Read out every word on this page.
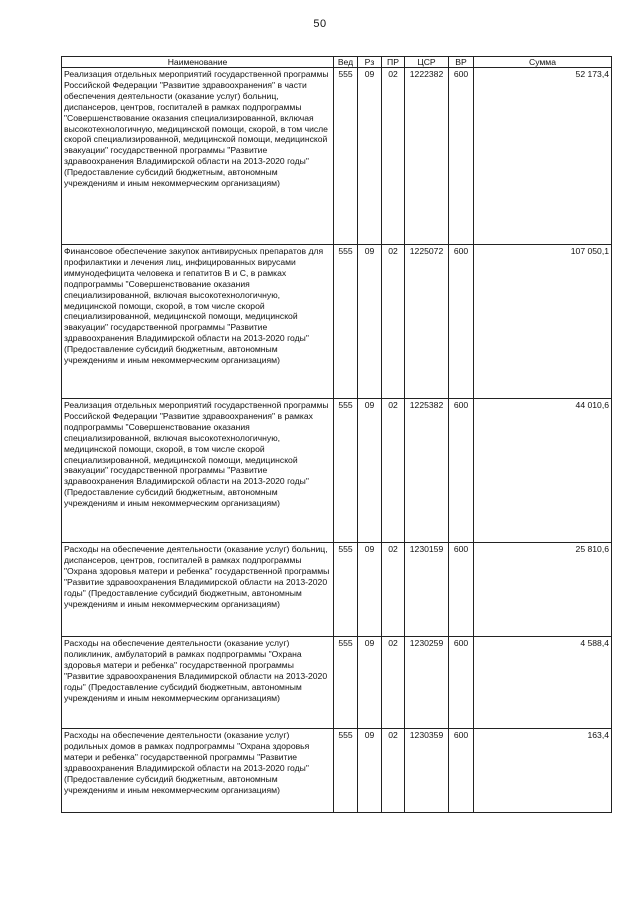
50
Наименование	Вед	Рз	ПР	ЦСР	ВР	Сумма
Реализация отдельных мероприятий государственной программы Российской Федерации "Развитие здравоохранения" в части обеспечения деятельности (оказание услуг) больниц, диспансеров, центров, госпиталей в рамках подпрограммы "Совершенствование оказания специализированной, включая высокотехнологичную, медицинской помощи, скорой, в том числе скорой специализированной, медицинской помощи, медицинской эвакуации" государственной программы "Развитие здравоохранения Владимирской области на 2013-2020 годы" (Предоставление субсидий бюджетным, автономным учреждениям и иным некоммерческим организациям)	555	09	02	1222382	600	52 173,4
Финансовое обеспечение закупок антивирусных препаратов для профилактики и лечения лиц, инфицированных вирусами иммунодефицита человека и гепатитов В и С, в рамках подпрограммы "Совершенствование оказания специализированной, включая высокотехнологичную, медицинской помощи, скорой, в том числе скорой специализированной, медицинской помощи, медицинской эвакуации" государственной программы "Развитие здравоохранения Владимирской области на 2013-2020 годы" (Предоставление субсидий бюджетным, автономным учреждениям и иным некоммерческим организациям)	555	09	02	1225072	600	107 050,1
Реализация отдельных мероприятий государственной программы Российской Федерации "Развитие здравоохранения" в рамках подпрограммы "Совершенствование оказания специализированной, включая высокотехнологичную, медицинской помощи, скорой, в том числе скорой специализированной, медицинской помощи, медицинской эвакуации" государственной программы "Развитие здравоохранения Владимирской области на 2013-2020 годы" (Предоставление субсидий бюджетным, автономным учреждениям и иным некоммерческим организациям)	555	09	02	1225382	600	44 010,6
Расходы на обеспечение деятельности (оказание услуг) больниц, диспансеров, центров, госпиталей в рамках подпрограммы "Охрана здоровья матери и ребенка" государственной программы "Развитие здравоохранения Владимирской области на 2013-2020 годы" (Предоставление субсидий бюджетным, автономным учреждениям и иным некоммерческим организациям)	555	09	02	1230159	600	25 810,6
Расходы на обеспечение деятельности (оказание услуг) поликлиник, амбулаторий в рамках подпрограммы "Охрана здоровья матери и ребенка" государственной программы "Развитие здравоохранения Владимирской области на 2013-2020 годы" (Предоставление субсидий бюджетным, автономным учреждениям и иным некоммерческим организациям)	555	09	02	1230259	600	4 588,4
Расходы на обеспечение деятельности (оказание услуг) родильных домов в рамках подпрограммы "Охрана здоровья матери и ребенка" государственной программы "Развитие здравоохранения Владимирской области на 2013-2020 годы" (Предоставление субсидий бюджетным, автономным учреждениям и иным некоммерческим организациям)	555	09	02	1230359	600	163,4
